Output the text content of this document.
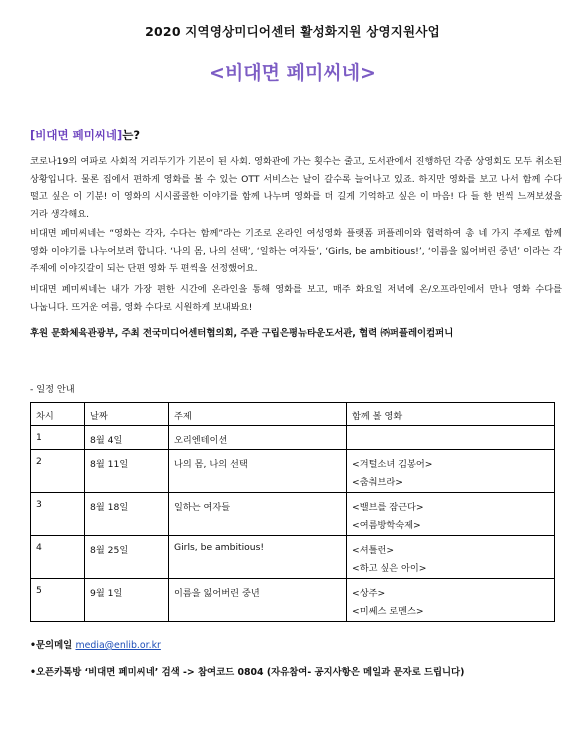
2020 지역영상미디어센터 활성화지원 상영지원사업
<비대면 페미씨네>
[비대면 페미씨네]는?

코로나19의 여파로 사회적 거리두기가 기본이 된 사회. 영화관에 가는 횟수는 줄고, 도서관에서 진행하던 각종 상영회도 모두 취소된 상황입니다. 물론 집에서 편하게 영화를 볼 수 있는 OTT 서비스는 날이 갈수록 늘어나고 있죠. 하지만 영화를 보고 나서 함께 수다 떨고 싶은 이 기분! 이 영화의 시시콜콜한 이야기를 함께 나누며 영화를 더 길게 기억하고 싶은 이 마음! 다 들 한 번씩 느껴보셨을 거라 생각해요.

비대면 페미씨네는 “영화는 각자, 수다는 함께”라는 기조로 온라인 여성영화 플랫폼 퍼플레이와 협력하여 총 네 가지 주제로 함께 영화 이야기를 나누어보려 합니다. ‘나의 몸, 나의 선택’, ‘일하는 여자들’, ‘Girls, be ambitious!’, ‘이름을 잃어버린 중년’ 이라는 각 주제에 이야깃갈이 되는 단편 영화 두 편씩을 선정했어요.

비대면 페미씨네는 내가 가장 편한 시간에 온라인을 통해 영화를 보고, 매주 화요일 저녁에 온/오프라인에서 만나 영화 수다를 나눕니다. 뜨거운 여름, 영화 수다로 시원하게 보내봐요!

후원 문화체육관광부, 주최 전국미디어센터협의회, 주관 구립은평뉴타운도서관, 협력 ㈜퍼플레이컴퍼니
- 일정 안내
차시	날짜	주제	함께 볼 영화
1	8월 4일	오리엔테이션	
2	8월 11일	나의 몸, 나의 선택	<겨털소녀 김봉어>
<춤춰브라>

3	8월 18일	일하는 여자들	<밸브를 잠근다>
<여름방학숙제>

4	8월 25일	Girls, be ambitious!	<셔틀런>
<하고 싶은 아이>

5	9월 1일	이름을 잃어버린 중년	<상주>
<미쎄스 로멘스>
•문의메일 media@enlib.or.kr
•오픈카톡방 ‘비대면 페미씨네’ 검색 -> 참여코드 0804 (자유참여- 공지사항은 메일과 문자로 드립니다)
